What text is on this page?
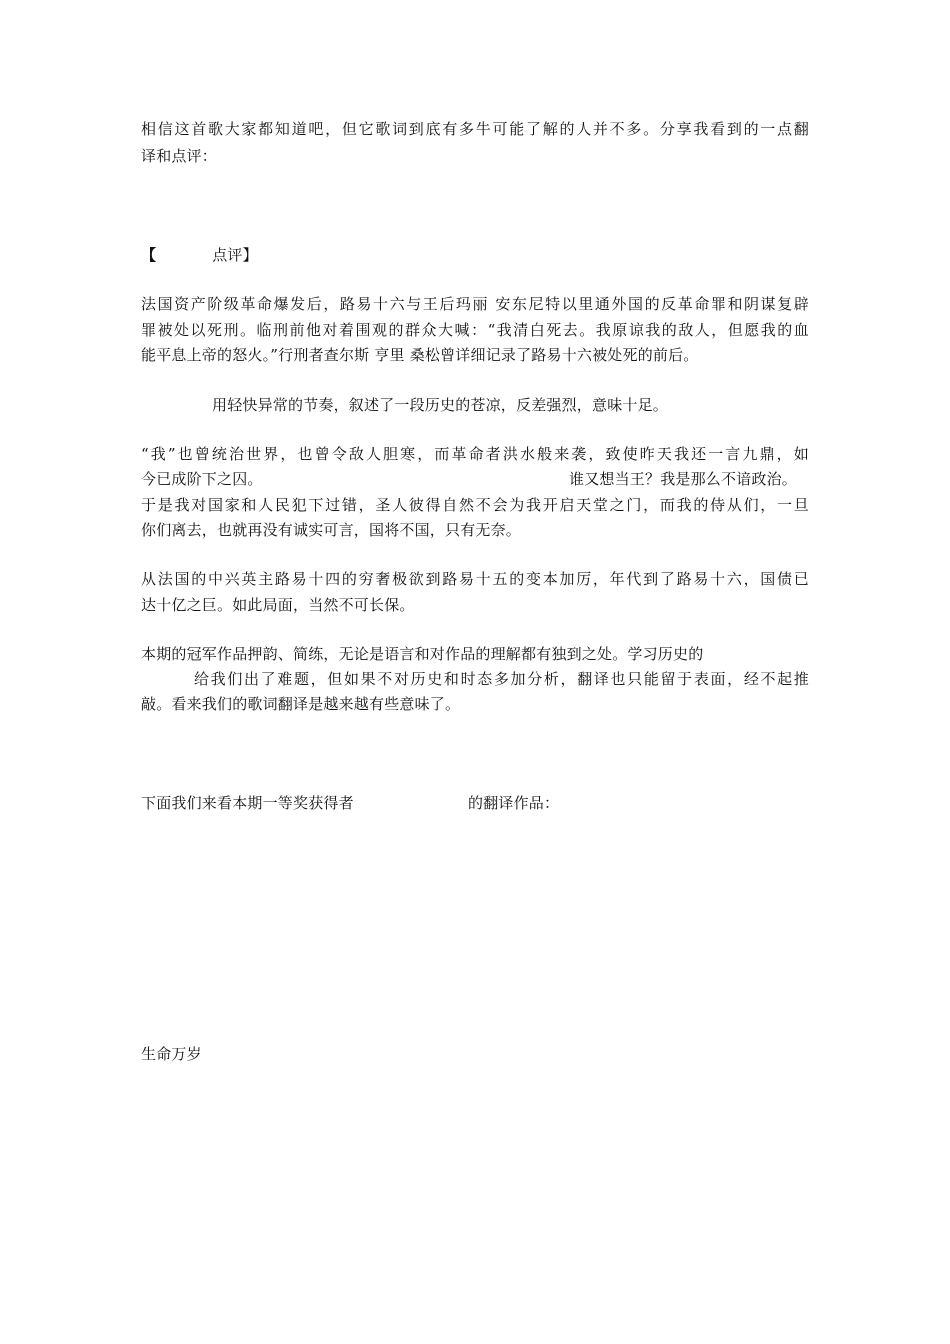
相信这首歌大家都知道吧，但它歌词到底有多牛可能了解的人并不多。分享我看到的一点翻
译和点评：
【	点评】
法国资产阶级革命爆发后，路易十六与王后玛丽 安东尼特以里通外国的反革命罪和阴谋复辟
罪被处以死刑。临刑前他对着围观的群众大喊：“我清白死去。我原谅我的敌人，但愿我的血
能平息上帝的怒火。”行刑者查尔斯 亨里 桑松曾详细记录了路易十六被处死的前后。
用轻快异常的节奏，叙述了一段历史的苍凉，反差强烈，意味十足。
“我”也曾统治世界，也曾令敌人胆寒，而革命者洪水般来袭，致使昨天我还一言九鼎，如
今已成阶下之囚。	谁又想当王？我是那么不谙政治。
于是我对国家和人民犯下过错，圣人彼得自然不会为我开启天堂之门，而我的侍从们，一旦
你们离去，也就再没有诚实可言，国将不国，只有无奈。
从法国的中兴英主路易十四的穷奢极欲到路易十五的变本加厉，年代到了路易十六，国债已
达十亿之巨。如此局面，当然不可长保。
本期的冠军作品押韵、简练，无论是语言和对作品的理解都有独到之处。学习历史的
给我们出了难题，但如果不对历史和时态多加分析，翻译也只能留于表面，经不起推
敲。看来我们的歌词翻译是越来越有些意味了。
下面我们来看本期一等奖获得者	的翻译作品：
生命万岁
